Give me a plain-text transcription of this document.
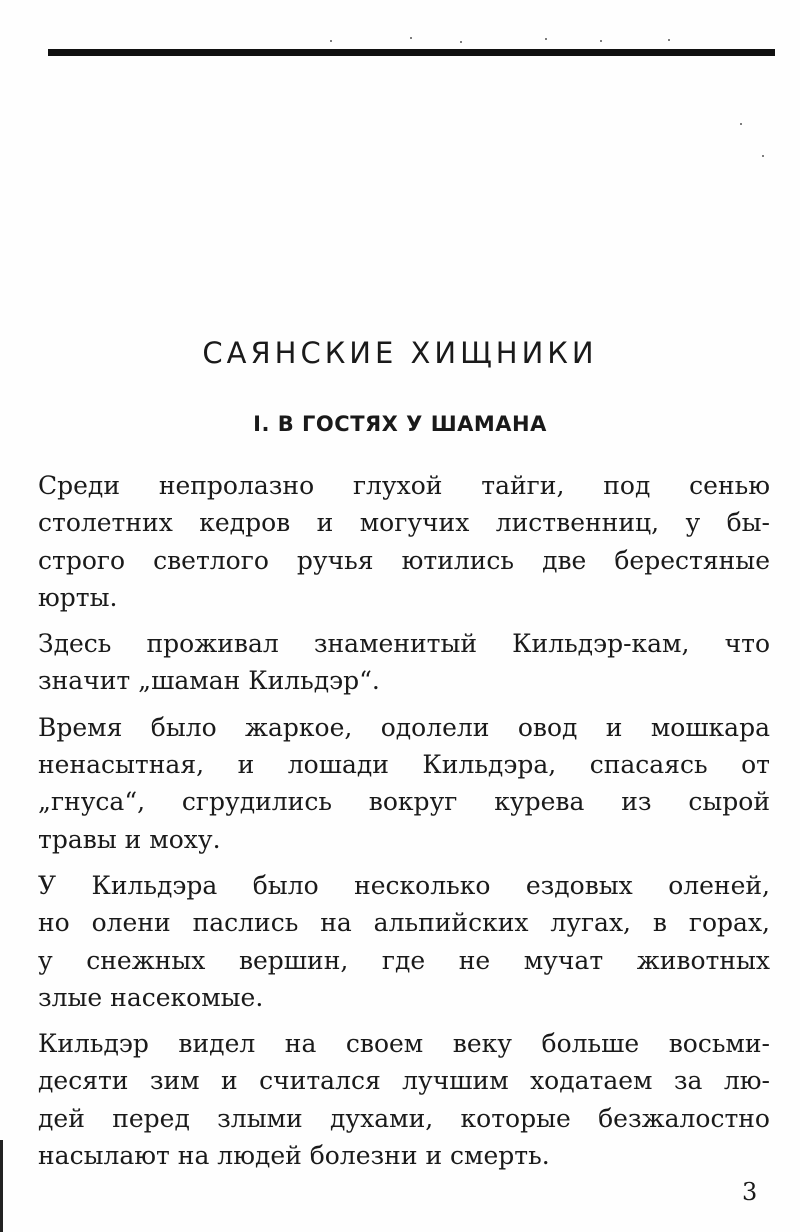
САЯНСКИЕ ХИЩНИКИ
I. В ГОСТЯХ У ШАМАНА

Среди непролазно глухой тайги, под сенью
столетних кедров и могучих лиственниц, у бы-
строго светлого ручья ютились две берестяные
юрты.

Здесь проживал знаменитый Кильдэр-кам, что
значит „шаман Кильдэр“.

Время было жаркое, одолели овод и мошкара
ненасытная, и лошади Кильдэра, спасаясь от
„гнуса“, сгрудились вокруг курева из сырой
травы и моху.

У Кильдэра было несколько ездовых оленей,
но олени паслись на альпийских лугах, в горах,
у снежных вершин, где не мучат животных
злые насекомые.

Кильдэр видел на своем веку больше восьми-
десяти зим и считался лучшим ходатаем за лю-
дей перед злыми духами, которые безжалостно
насылают на людей болезни и смерть.

3
